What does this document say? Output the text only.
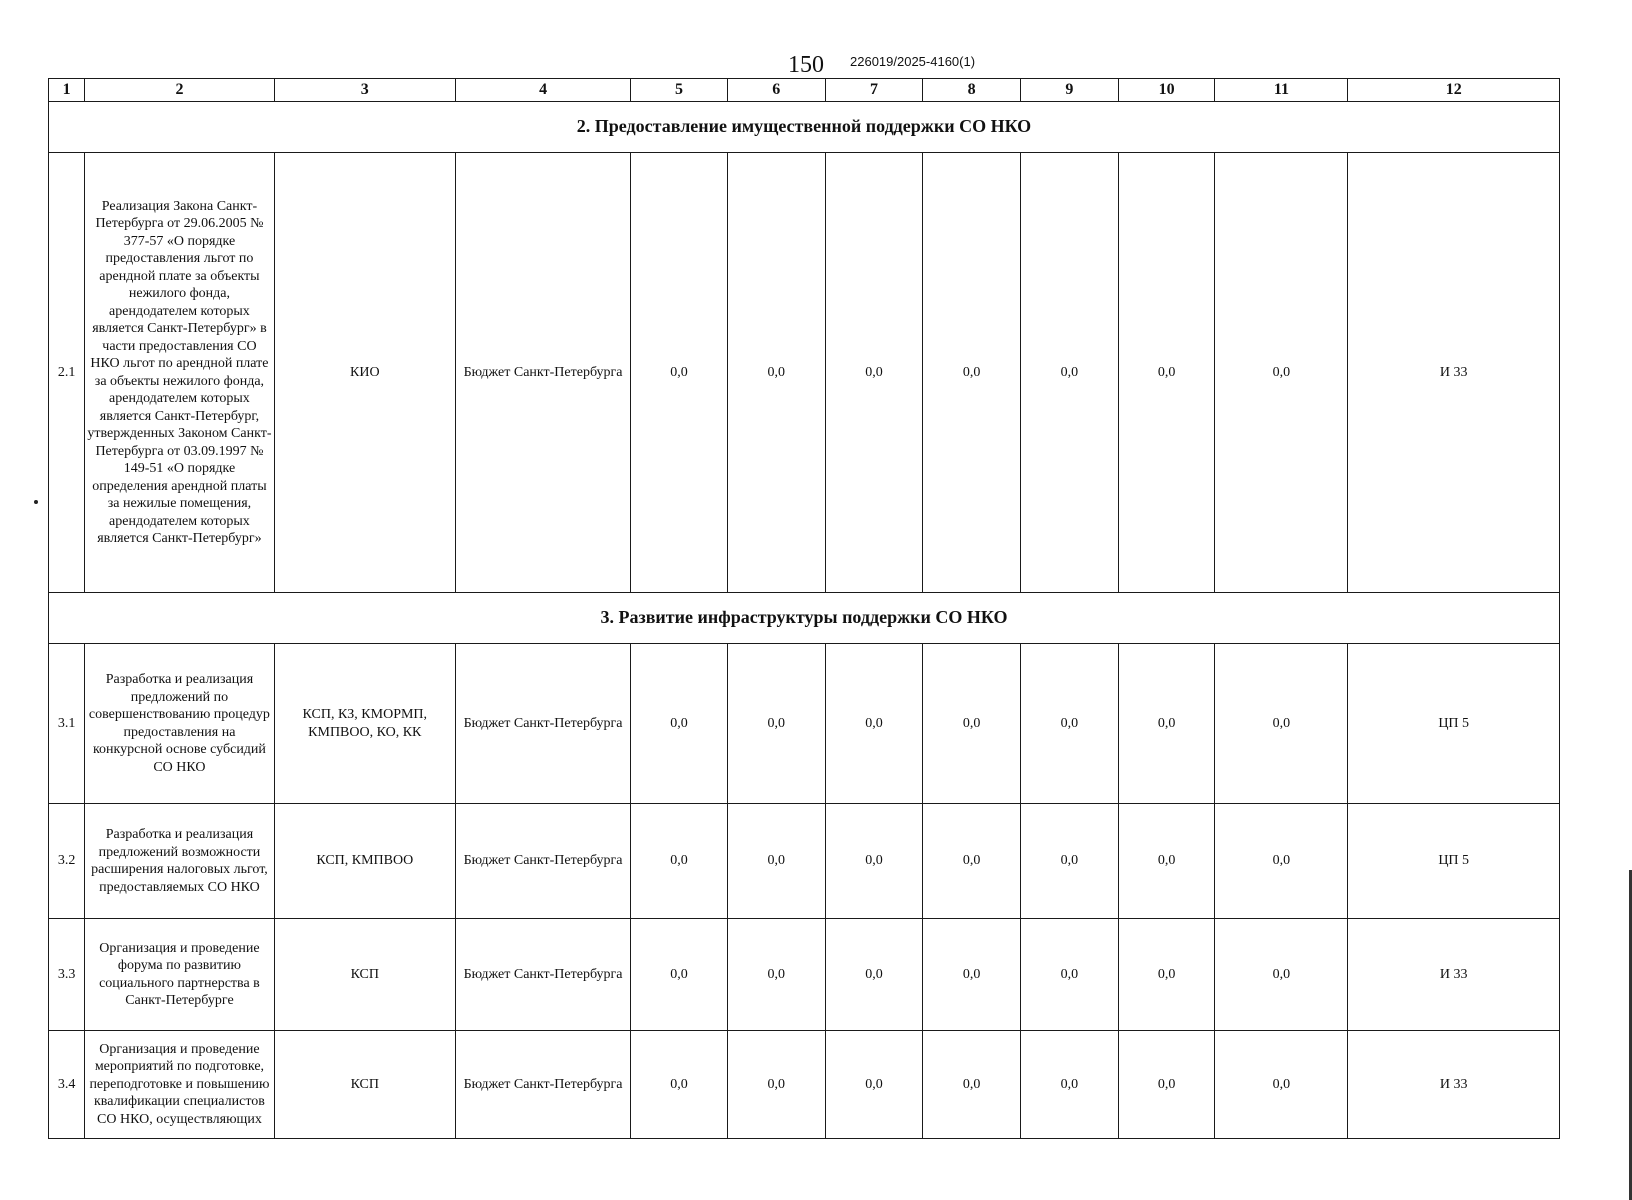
150 226019/2025-4160(1)
1	2	3	4	5	6	7	8	9	10	11	12
2. Предоставление имущественной поддержки СО НКО											
2.1	Реализация Закона Санкт-Петербурга от 29.06.2005 № 377-57 «О порядке предоставления льгот по арендной плате за объекты нежилого фонда, арендодателем которых является Санкт-Петербург» в части предоставления СО НКО льгот по арендной плате за объекты нежилого фонда, арендодателем которых является Санкт-Петербург, утвержденных Законом Санкт-Петербурга от 03.09.1997 № 149-51 «О порядке определения арендной платы за нежилые помещения, арендодателем которых является Санкт-Петербург»	КИО	Бюджет Санкт-Петербурга	0,0	0,0	0,0	0,0	0,0	0,0	0,0	И 33
3. Развитие инфраструктуры поддержки СО НКО											
3.1	Разработка и реализация предложений по совершенствованию процедур предоставления на конкурсной основе субсидий СО НКО	КСП, КЗ, КМОРМП, КМПВОО, КО, КК	Бюджет Санкт-Петербурга	0,0	0,0	0,0	0,0	0,0	0,0	0,0	ЦП 5
3.2	Разработка и реализация предложений возможности расширения налоговых льгот, предоставляемых СО НКО	КСП, КМПВОО	Бюджет Санкт-Петербурга	0,0	0,0	0,0	0,0	0,0	0,0	0,0	ЦП 5
3.3	Организация и проведение форума по развитию социального партнерства в Санкт-Петербурге	КСП	Бюджет Санкт-Петербурга	0,0	0,0	0,0	0,0	0,0	0,0	0,0	И 33
3.4	Организация и проведение мероприятий по подготовке, переподготовке и повышению квалификации специалистов СО НКО, осуществляющих	КСП	Бюджет Санкт-Петербурга	0,0	0,0	0,0	0,0	0,0	0,0	0,0	И 33
